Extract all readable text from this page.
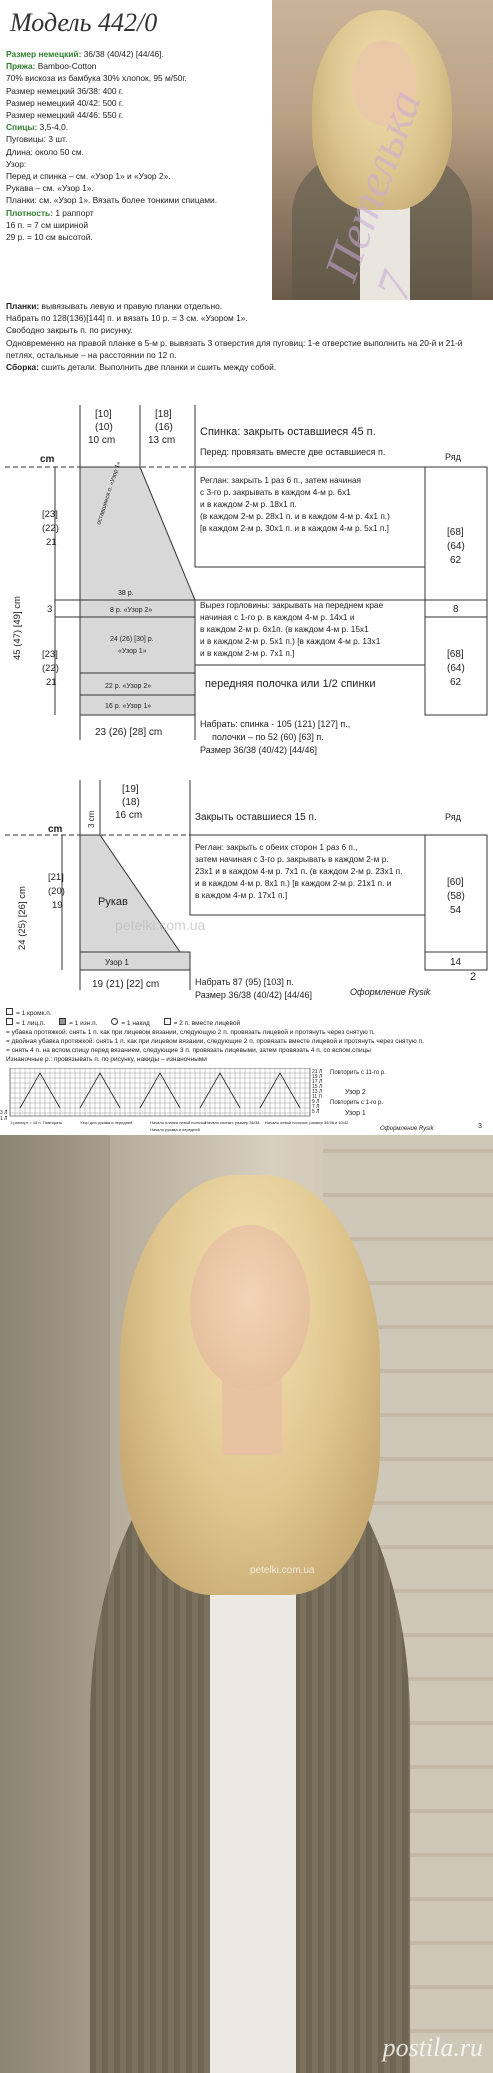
Модель 442/0
Размер немецкий: 36/38 (40/42) [44/46].
Пряжа: Bamboo-Cotton
70% вискоза из бамбука 30% хлопок, 95 м/50г.
Размер немецкий 36/38: 400 г.
Размер немецкий 40/42: 500 г.
Размер немецкий 44/46: 550 г.
Спицы: 3,5-4,0.
Пуговицы: 3 шт.
Длина: около 50 см.
Узор:
Перед и спинка – см. «Узор 1» и «Узор 2».
Рукава – см. «Узор 1».
Планки: см. «Узор 1». Вязать более тонкими спицами.
Плотность: 1 раппорт
16 п. = 7 см шириной
29 р. = 10 см высотой.
Планки: вывязывать левую и правую планки отдельно.
Набрать по 128(136)[144] п. и вязать 10 р. = 3 см. «Узором 1».
Свободно закрыть п. по рисунку.
Одновременно на правой планке в 5-м р. вывязать 3 отверстия для пуговиц: 1-е отверстие выполнить на 20-й и 21-й петлях, остальные – на расстоянии по 12 п.
Сборка: сшить детали. Выполнить две планки и сшить между собой.
Петелька 7
[10]
(10)
10 cm
[18]
(16)
13 cm
cm
Спинка: закрыть оставшиеся 45 п.
Перед: провязать вместе две оставшиеся п.	Ряд
[23]
(22)
21
3
[23]
(22)
21
45 (47) [49] cm
38 р.
8 р. «Узор 2»
24 (26) [30] р.
«Узор 1»
22 р. «Узор 2»
16 р. «Узор 1»
оставшиеся п. «Узор 1»	Реглан: закрыть 1 раз 6 п., затем начиная
с 3-го р. закрывать в каждом 4-м р. 6х1
и в каждом 2-м р. 18х1 п.
(в каждом 2-м р. 28х1 п. и в каждом 4-м р. 4х1 п.)
[в каждом 2-м р. 30х1 п. и в каждом 4-м р. 5х1 п.]
Вырез горловины: закрывать на переднем крае
начиная с 1-го р. в каждом 4-м р. 14х1 и
в каждом 2-м р. 6х1п. (в каждом 4-м р. 15х1
и в каждом 2-м р. 5х1 п.) [в каждом 4-м р. 13х1
и в каждом 2-м р. 7х1 п.]
передняя полочка или 1/2 спинки
[68]
(64)
62
8
[68]
(64)
62
23 (26) [28] cm
Набрать: спинка - 105 (121) [127] п.,
полочки – по 52 (60) [63] п.
Размер 36/38 (40/42) [44/46]
[19]
(18)
16 cm
3 cm
cm
Закрыть оставшиеся 15 п.	Ряд
[21]
(20)
19
24 (25) [26] cm	Рукав
Узор 1
Реглан: закрыть с обеих сторон 1 раз 6 п.,
затем начиная с 3-го р. закрывать в каждом 2-м р.
23х1 и в каждом 4-м р. 7х1 п. (в каждом 2-м р. 23х1 п.
и в каждом 4-м р. 8х1 п.) [в каждом 2-м р. 21х1 п. и
в каждом 4-м р. 17х1 п.]
[60]
(58)
54
14
19 (21) [22] cm	Набрать 87 (95) [103] п.
Размер 36/38 (40/42) [44/46]	Оформление Rysik
2
petelki.com.ua
= 1 кромк.п.
= 1 лиц.п.	= 1 изн.п.	= 1 накид	= 2 п. вместе лицевой
= убавка протяжкой: снять 1 п. как при лицевом вязании, следующую 2 п. провязать лицевой и протянуть через снятую п.
= двойная убавка протяжкой: снять 1 п. как при лицевом вязании, следующие 2 п. провязать вместе лицевой и протянуть через снятую п.
= снять 4 п. на вспом.спицу перед вязанием, следующие 3 п. провязать лицевыми, затем провязать 4 п. со вспом.спицы
Изнаночные р.: провязывать п. по рисунку, накиды – изнаночными
21 Л
19 Л
17 Л
15 Л
13 Л
11 Л
9 Л
7 Л
5 Л
3 Л
1 Л
Повторить с 11-го р.
Узор 2
Повторить с 1-го р.
Узор 1
1 раппорт = 16 п. Повторять	Узор для рукава и передней	Начало планки левой полочки
Начало спинки: размер 36/38 Начало левой полочки: размер 36/38 и 40/42
Начало рукава и передней	Оформление Rysik	3
petelki.com.ua
postila.ru
